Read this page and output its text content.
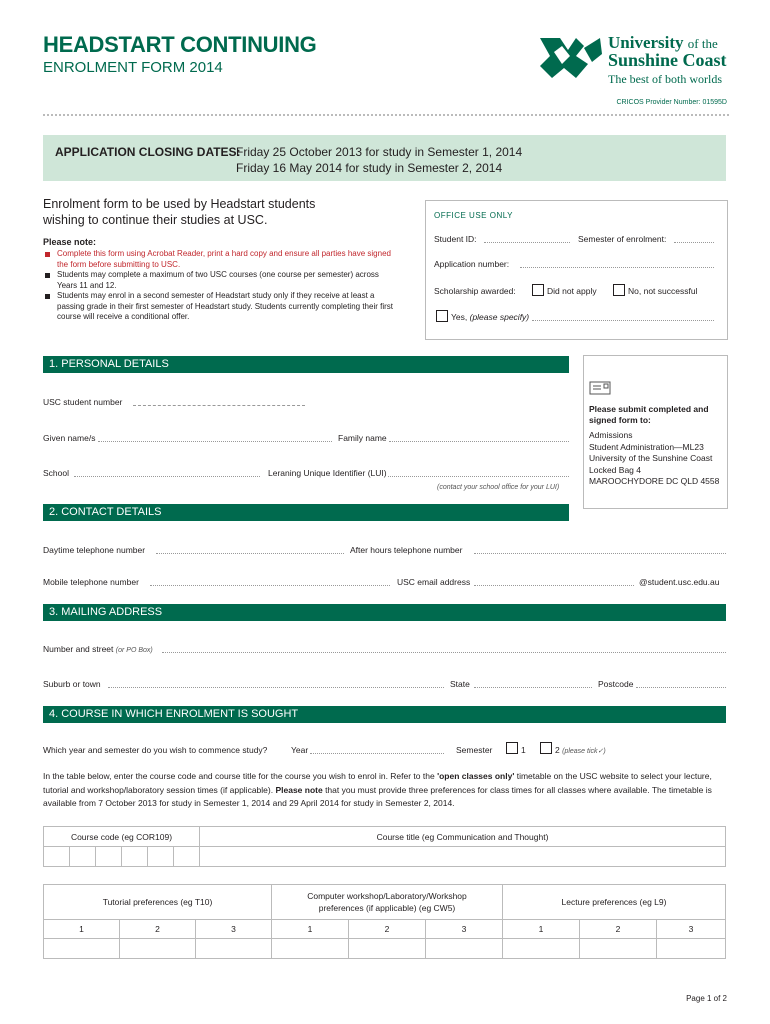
HEADSTART CONTINUING
ENROLMENT FORM 2014
University of the
Sunshine Coast
The best of both worlds
CRICOS Provider Number: 01595D
APPLICATION CLOSING DATES:
Friday 25 October 2013 for study in Semester 1, 2014
Friday 16 May 2014 for study in Semester 2, 2014
Enrolment form to be used by Headstart students wishing to continue their studies at USC.
Please note:
Complete this form using Acrobat Reader, print a hard copy and ensure all parties have signed the form before submitting to USC.
Students may complete a maximum of two USC courses (one course per semester) across Years 11 and 12.
Students may enrol in a second semester of Headstart study only if they receive at least a passing grade in their first semester of Headstart study. Students currently completing their first course will receive a conditional offer.
OFFICE USE ONLY
Student ID:	Semester of enrolment:
Application number:
Scholarship awarded:	Did not apply	No, not successful
Yes, (please specify)
1. PERSONAL DETAILS
USC student number
Given name/s	Family name
School	Leraning Unique Identifier (LUI)
(contact your school office for your LUI)
Please submit completed and signed form to:
Admissions
Student Administration—ML23
University of the Sunshine Coast
Locked Bag 4
MAROOCHYDORE DC QLD 4558
2. CONTACT DETAILS
Daytime telephone number	After hours telephone number
Mobile telephone number	USC email address	@student.usc.edu.au
3. MAILING ADDRESS
Number and street (or PO Box)
Suburb or town	State	Postcode
4. COURSE IN WHICH ENROLMENT IS SOUGHT
Which year and semester do you wish to commence study?	Year	Semester	1	2 (please tick✓)
In the table below, enter the course code and course title for the course you wish to enrol in. Refer to the 'open classes only' timetable on the USC website to select your lecture, tutorial and workshop/laboratory session times (if applicable). Please note that you must provide three preferences for class times for all classes where available. The timetable is available from 7 October 2013 for study in Semester 1, 2014 and 29 April 2014 for study in Semester 2, 2014.
Course code (eg COR109)						Course title (eg Communication and Thought)

Tutorial preferences (eg T10)			Computer workshop/Laboratory/Workshop preferences (if applicable) (eg CW5)			Lecture preferences (eg L9)		
1	2	3	1	2	3	1	2	3

Page 1 of 2
